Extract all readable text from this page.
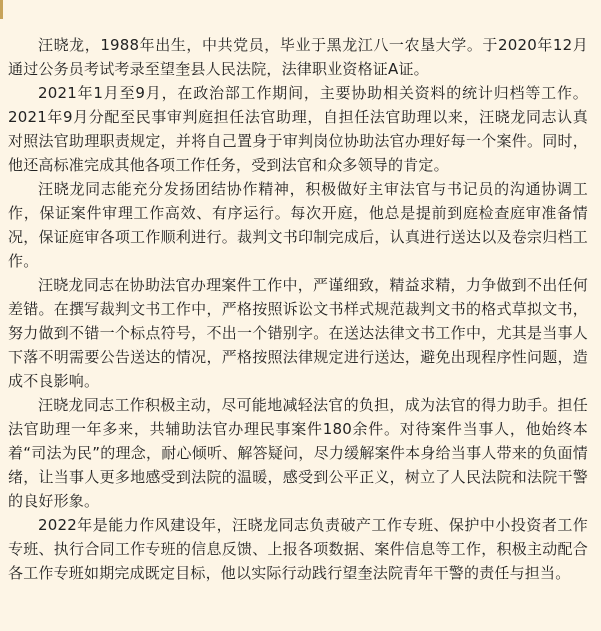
汪晓龙，1988年出生，中共党员，毕业于黑龙江八一农垦大学。于2020年12月通过公务员考试考录至望奎县人民法院，法律职业资格证A证。

2021年1月至9月，在政治部工作期间，主要协助相关资料的统计归档等工作。2021年9月分配至民事审判庭担任法官助理，自担任法官助理以来，汪晓龙同志认真对照法官助理职责规定，并将自己置身于审判岗位协助法官办理好每一个案件。同时，他还高标准完成其他各项工作任务，受到法官和众多领导的肯定。

汪晓龙同志能充分发扬团结协作精神，积极做好主审法官与书记员的沟通协调工作，保证案件审理工作高效、有序运行。每次开庭，他总是提前到庭检查庭审准备情况，保证庭审各项工作顺利进行。裁判文书印制完成后，认真进行送达以及卷宗归档工作。

汪晓龙同志在协助法官办理案件工作中，严谨细致，精益求精，力争做到不出任何差错。在撰写裁判文书工作中，严格按照诉讼文书样式规范裁判文书的格式草拟文书，努力做到不错一个标点符号，不出一个错别字。在送达法律文书工作中，尤其是当事人下落不明需要公告送达的情况，严格按照法律规定进行送达，避免出现程序性问题，造成不良影响。

汪晓龙同志工作积极主动，尽可能地减轻法官的负担，成为法官的得力助手。担任法官助理一年多来，共辅助法官办理民事案件180余件。对待案件当事人，他始终本着“司法为民”的理念，耐心倾听、解答疑问，尽力缓解案件本身给当事人带来的负面情绪，让当事人更多地感受到法院的温暖，感受到公平正义，树立了人民法院和法院干警的良好形象。

2022年是能力作风建设年，汪晓龙同志负责破产工作专班、保护中小投资者工作专班、执行合同工作专班的信息反馈、上报各项数据、案件信息等工作，积极主动配合各工作专班如期完成既定目标，他以实际行动践行望奎法院青年干警的责任与担当。
